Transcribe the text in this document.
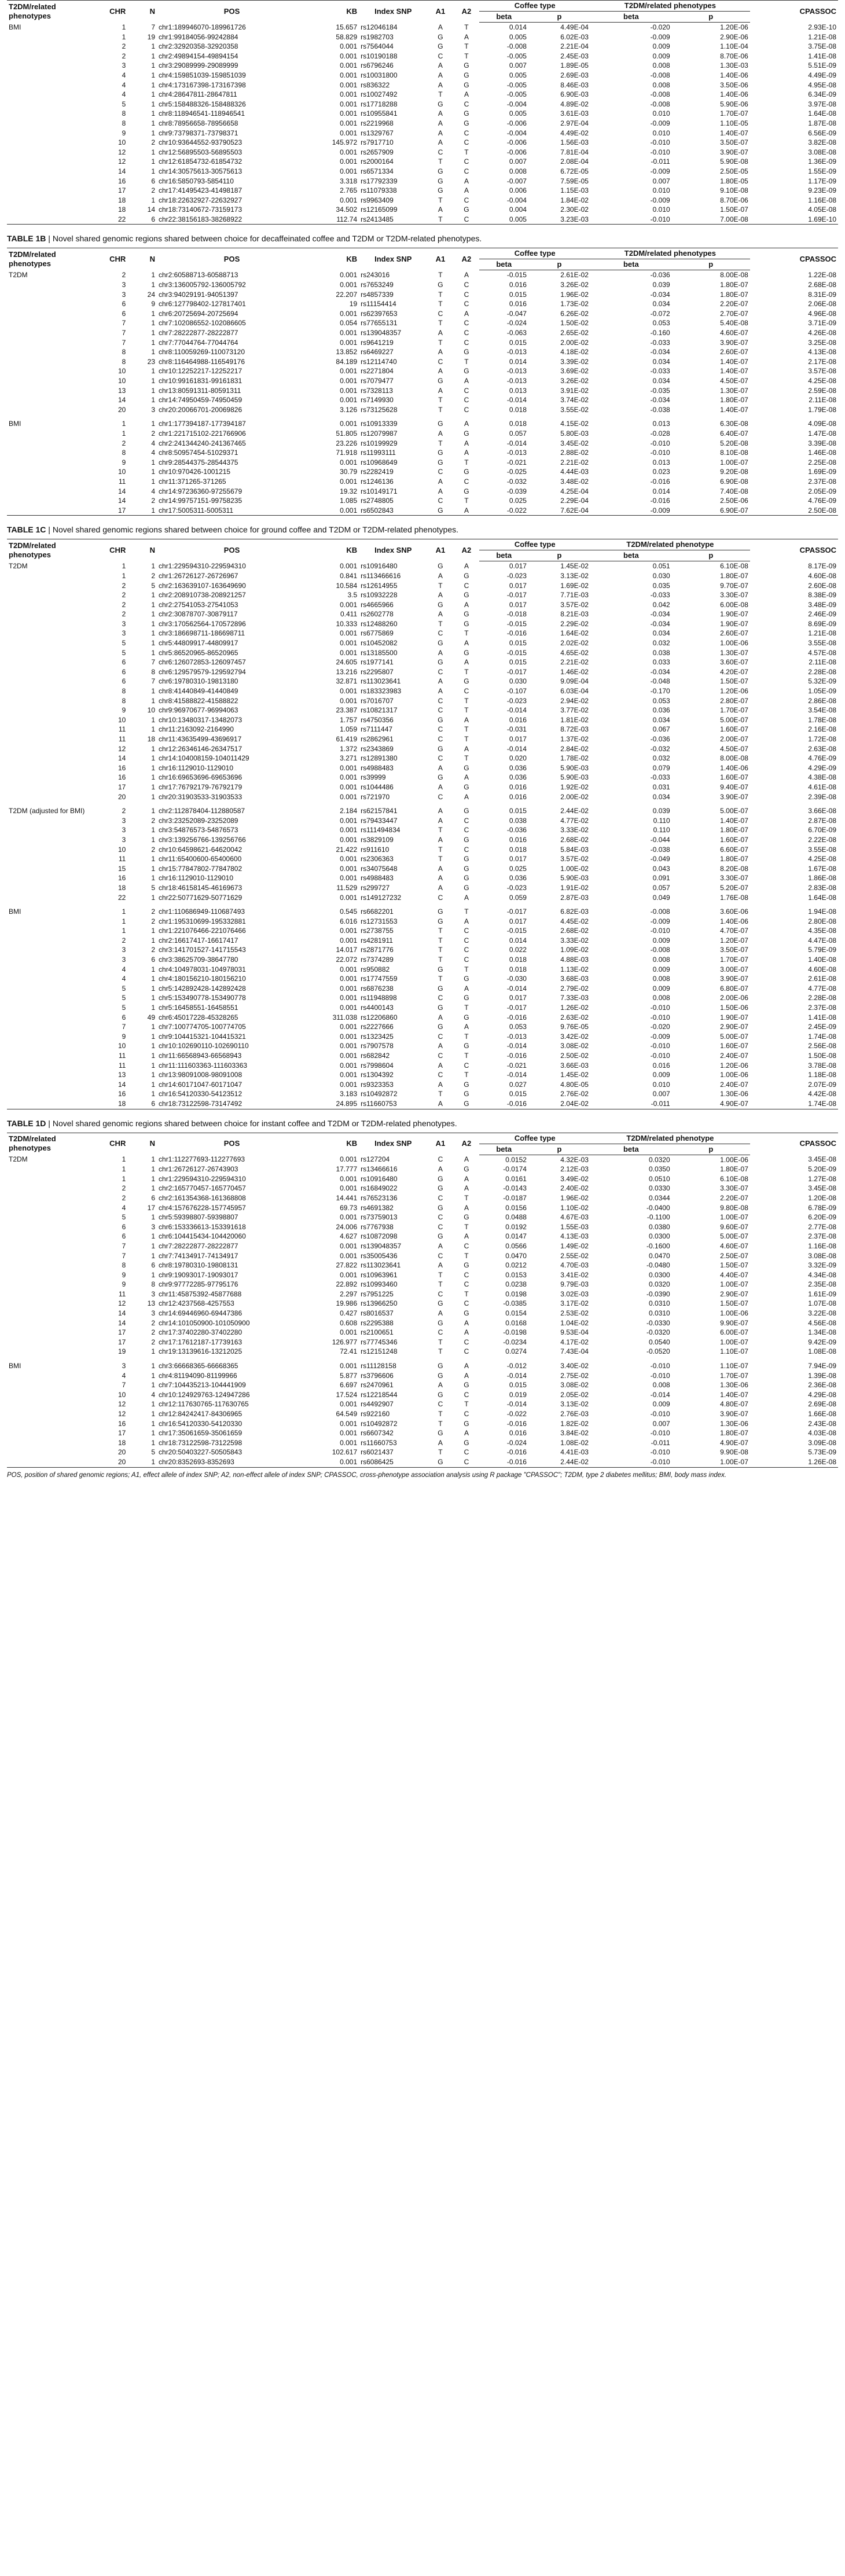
T2DM/related phenotypes	CHR	N	POS	KB	Index SNP	A1	A2	Coffee type		T2DM/related phenotypes		CPASSOC
								beta	p	beta	p	
BMI	1	7	chr1:189946070-189961726	15.657	rs12046184	A	T	0.014	4.49E-04	-0.020	1.20E-06	2.93E-10
	1	19	chr1:99184056-99242884	58.829	rs1982703	G	A	0.005	6.02E-03	-0.009	2.90E-06	1.21E-08
	2	1	chr2:32920358-32920358	0.001	rs7564044	G	T	-0.008	2.21E-04	0.009	1.10E-04	3.75E-08
	2	1	chr2:49894154-49894154	0.001	rs10190188	C	T	-0.005	2.45E-03	0.009	8.70E-06	1.41E-08
	3	1	chr3:29089999-29089999	0.001	rs6796246	A	G	0.007	1.89E-05	0.008	1.30E-03	5.51E-09
	4	1	chr4:159851039-159851039	0.001	rs10031800	A	G	0.005	2.69E-03	-0.008	1.40E-06	4.49E-09
	4	1	chr4:173167398-173167398	0.001	rs836322	A	G	-0.005	8.46E-03	0.008	3.50E-06	4.95E-08
	4	1	chr4:28647811-28647811	0.001	rs10027492	T	A	-0.005	6.90E-03	-0.008	1.40E-06	6.34E-09
	5	1	chr5:158488326-158488326	0.001	rs17718288	G	C	-0.004	4.89E-02	-0.008	5.90E-06	3.97E-08
	8	1	chr8:118946541-118946541	0.001	rs10955841	A	G	0.005	3.61E-03	0.010	1.70E-07	1.64E-08
	8	1	chr8:78956658-78956658	0.001	rs2219968	A	G	-0.006	2.97E-04	-0.009	1.10E-05	1.87E-08
	9	1	chr9:73798371-73798371	0.001	rs1329767	A	C	-0.004	4.49E-02	0.010	1.40E-07	6.56E-09
	10	2	chr10:93644552-93790523	145.972	rs7917710	A	C	-0.006	1.56E-03	-0.010	3.50E-07	3.82E-08
	12	1	chr12:56895503-56895503	0.001	rs2657909	C	T	-0.006	7.81E-04	-0.010	3.90E-07	3.08E-08
	12	1	chr12:61854732-61854732	0.001	rs2000164	T	C	0.007	2.08E-04	-0.011	5.90E-08	1.36E-09
	14	1	chr14:30575613-30575613	0.001	rs6571334	G	C	0.008	6.72E-05	-0.009	2.50E-05	1.55E-09
	16	6	chr16:5850793-5854110	3.318	rs17792339	G	A	-0.007	7.59E-05	0.007	1.80E-05	1.17E-09
	17	2	chr17:41495423-41498187	2.765	rs11079338	G	A	0.006	1.15E-03	0.010	9.10E-08	9.23E-09
	18	1	chr18:22632927-22632927	0.001	rs9963409	T	C	-0.004	1.84E-02	-0.009	8.70E-06	1.16E-08
	18	14	chr18:73140672-73159173	34.502	rs12165099	A	G	0.004	2.30E-02	0.010	1.50E-07	4.05E-08
	22	6	chr22:38156183-38268922	112.74	rs2413485	T	C	0.005	3.23E-03	-0.010	7.00E-08	1.69E-10
TABLE 1B | Novel shared genomic regions shared between choice for decaffeinated coffee and T2DM or T2DM-related phenotypes.
T2DM/related phenotypes	CHR	N	POS	KB	Index SNP	A1	A2	Coffee type		T2DM/related phenotypes		CPASSOC
								beta	p	beta	p	
T2DM	2	1	chr2:60588713-60588713	0.001	rs243016	T	A	-0.015	2.61E-02	-0.036	8.00E-08	1.22E-08
	3	1	chr3:136005792-136005792	0.001	rs7653249	G	C	0.016	3.26E-02	0.039	1.80E-07	2.68E-08
	3	24	chr3:94029191-94051397	22.207	rs4857339	T	C	0.015	1.96E-02	-0.034	1.80E-07	8.31E-09
	6	9	chr6:127798402-127817401	19	rs11154414	T	C	0.016	1.73E-02	0.034	2.20E-07	2.06E-08
	6	1	chr6:20725694-20725694	0.001	rs62397653	C	A	-0.047	6.26E-02	-0.072	2.70E-07	4.96E-08
	7	1	chr7:102086552-102086605	0.054	rs77655131	T	C	-0.024	1.50E-02	0.053	5.40E-08	3.71E-09
	7	1	chr7:28222877-28222877	0.001	rs139048357	A	C	-0.063	2.65E-02	-0.160	4.60E-07	4.26E-08
	7	1	chr7:77044764-77044764	0.001	rs9641219	T	C	0.015	2.00E-02	-0.033	3.90E-07	3.25E-08
	8	1	chr8:110059269-110073120	13.852	rs6469227	A	G	-0.013	4.18E-02	-0.034	2.60E-07	4.13E-08
	8	23	chr8:116464988-116549176	84.189	rs12114740	C	T	0.014	3.39E-02	0.034	1.40E-07	2.17E-08
	10	1	chr10:12252217-12252217	0.001	rs2271804	A	G	-0.013	3.69E-02	-0.033	1.40E-07	3.57E-08
	10	1	chr10:99161831-99161831	0.001	rs7079477	G	A	-0.013	3.26E-02	0.034	4.50E-07	4.25E-08
	13	1	chr13:80591311-80591311	0.001	rs7328113	A	C	0.013	3.91E-02	-0.035	1.30E-07	2.59E-08
	14	1	chr14:74950459-74950459	0.001	rs7149930	T	C	-0.014	3.74E-02	-0.034	1.80E-07	2.11E-08
	20	3	chr20:20066701-20069826	3.126	rs73125628	T	C	0.018	3.55E-02	-0.038	1.40E-07	1.79E-08
BMI	1	1	chr1:177394187-177394187	0.001	rs10913339	G	A	0.018	4.15E-02	0.013	6.30E-08	4.09E-08
	1	2	chr1:221715102-221766906	51.805	rs12079987	A	G	0.057	5.80E-03	-0.028	6.40E-07	1.47E-08
	2	4	chr2:241344240-241367465	23.226	rs10199929	T	A	-0.014	3.45E-02	-0.010	5.20E-08	3.39E-08
	8	4	chr8:50957454-51029371	71.918	rs11993111	G	A	-0.013	2.88E-02	-0.010	8.10E-08	1.46E-08
	9	1	chr9:28544375-28544375	0.001	rs10968649	G	T	-0.021	2.21E-02	0.013	1.00E-07	2.25E-08
	10	1	chr10:970426-1001215	30.79	rs2282419	C	G	-0.025	4.44E-03	0.023	9.20E-08	1.69E-09
	11	1	chr11:371265-371265	0.001	rs1246136	A	C	-0.032	3.48E-02	-0.016	6.90E-08	2.37E-08
	14	4	chr14:97236360-97255679	19.32	rs10149171	A	G	-0.039	4.25E-04	0.014	7.40E-08	2.05E-09
	14	2	chr14:99757151-99758235	1.085	rs2748805	C	T	0.025	2.29E-04	-0.016	2.50E-06	4.76E-09
	17	1	chr17:5005311-5005311	0.001	rs6502843	G	A	-0.022	7.62E-04	-0.009	6.90E-07	2.50E-08
TABLE 1C | Novel shared genomic regions shared between choice for ground coffee and T2DM or T2DM-related phenotypes.
T2DM/related phenotypes	CHR	N	POS	KB	Index SNP	A1	A2	Coffee type		T2DM/related phenotype		CPASSOC
								beta	p	beta	p	
T2DM	1	1	chr1:229594310-229594310	0.001	rs10916480	G	A	0.017	1.45E-02	0.051	6.10E-08	8.17E-09
	1	2	chr1:26726127-26726967	0.841	rs113466616	A	G	-0.023	3.13E-02	0.030	1.80E-07	4.60E-08
	2	5	chr2:163639107-163649690	10.584	rs12614955	T	C	0.017	1.69E-02	0.035	9.70E-07	2.60E-08
	2	1	chr2:208910738-208921257	3.5	rs10932228	A	G	-0.017	7.71E-03	-0.033	3.30E-07	8.38E-09
	2	1	chr2:27541053-27541053	0.001	rs4665966	G	A	0.017	3.57E-02	0.042	6.00E-08	3.48E-09
	2	1	chr2:30878707-30879117	0.411	rs2602778	A	G	-0.018	8.21E-03	-0.034	1.90E-07	2.46E-09
	3	1	chr3:170562564-170572896	10.333	rs12488260	T	G	-0.015	2.29E-02	-0.034	1.90E-07	8.69E-09
	3	1	chr3:186698711-186698711	0.001	rs6775869	C	T	-0.016	1.64E-02	0.034	2.60E-07	1.21E-08
	5	1	chr5:44809917-44809917	0.001	rs10452082	G	A	0.015	2.02E-02	0.032	1.00E-06	3.55E-08
	5	1	chr5:86520965-86520965	0.001	rs13185500	A	G	-0.015	4.65E-02	0.038	1.30E-07	4.57E-08
	6	7	chr6:126072853-126097457	24.605	rs1977141	G	A	0.015	2.21E-02	0.033	3.60E-07	2.11E-08
	6	8	chr6:129579579-129592794	13.216	rs2295807	C	T	-0.017	1.46E-02	-0.034	4.20E-07	2.28E-08
	6	7	chr6:19780310-19813180	32.871	rs113023641	A	G	0.030	9.09E-04	-0.048	1.50E-07	5.32E-09
	8	1	chr8:41440849-41440849	0.001	rs183323983	A	C	-0.107	6.03E-04	-0.170	1.20E-06	1.05E-09
	8	1	chr8:41588822-41588822	0.001	rs7016707	C	T	-0.023	2.94E-02	0.053	2.80E-07	2.86E-08
	9	10	chr9:96970677-96994063	23.387	rs10821317	C	T	-0.014	3.77E-02	0.036	1.70E-07	3.54E-08
	10	1	chr10:13480317-13482073	1.757	rs4750356	G	A	0.016	1.81E-02	0.034	5.00E-07	1.78E-08
	11	1	chr11:2163092-2164990	1.059	rs7111447	C	T	-0.031	8.72E-03	0.067	1.60E-07	2.16E-08
	11	18	chr11:43635499-43696917	61.419	rs2862961	C	T	0.017	1.37E-02	-0.036	2.00E-07	1.72E-08
	12	1	chr12:26346146-26347517	1.372	rs2343869	G	A	-0.014	2.84E-02	-0.032	4.50E-07	2.63E-08
	14	1	chr14:104008159-104011429	3.271	rs12891380	C	T	0.020	1.78E-02	0.032	8.00E-08	4.76E-09
	16	1	chr16:1129010-1129010	0.001	rs4988483	A	G	0.036	5.90E-03	0.079	1.40E-06	4.29E-09
	16	1	chr16:69653696-69653696	0.001	rs39999	G	A	0.036	5.90E-03	-0.033	1.60E-07	4.38E-08
	17	1	chr17:76792179-76792179	0.001	rs1044486	A	G	0.016	1.92E-02	0.031	9.40E-07	4.61E-08
	20	1	chr20:31903533-31903533	0.001	rs721970	C	A	0.016	2.00E-02	0.034	3.90E-07	2.39E-08
T2DM (adjusted for BMI)	2	1	chr2:112878404-112880587	2.184	rs62157841	A	G	0.015	2.44E-02	0.039	5.00E-07	3.66E-08
	3	2	chr3:23252089-23252089	0.001	rs79433447	A	C	0.038	4.77E-02	0.110	1.40E-07	2.87E-08
	3	1	chr3:54876573-54876573	0.001	rs111494834	T	C	-0.036	3.33E-02	0.110	1.80E-07	6.70E-09
	3	1	chr3:139256766-139256766	0.001	rs3829109	A	G	0.016	2.68E-02	-0.044	1.60E-07	2.22E-08
	10	2	chr10:64598621-64620042	21.422	rs911610	T	C	0.018	5.84E-03	-0.038	6.60E-07	3.55E-08
	11	1	chr11:65400600-65400600	0.001	rs2306363	T	G	0.017	3.57E-02	-0.049	1.80E-07	4.25E-08
	15	1	chr15:77847802-77847802	0.001	rs34075648	A	G	0.025	1.00E-02	0.043	8.20E-08	1.67E-08
	16	1	chr16:1129010-1129010	0.001	rs4988483	A	G	0.036	5.90E-03	0.091	3.30E-07	1.86E-08
	18	5	chr18:46158145-46169673	11.529	rs299727	A	G	-0.023	1.91E-02	0.057	5.20E-07	2.83E-08
	22	1	chr22:50771629-50771629	0.001	rs149127232	C	A	0.059	2.87E-03	0.049	1.76E-08	1.64E-08
BMI	1	2	chr1:110686949-110687493	0.545	rs6682201	G	T	-0.017	6.82E-03	-0.008	3.60E-06	1.94E-08
	1	2	chr1:195310699-195332881	6.016	rs12731553	G	A	0.017	4.45E-02	-0.009	1.40E-06	2.80E-08
	1	1	chr1:221076466-221076466	0.001	rs2738755	T	C	-0.015	2.68E-02	-0.010	4.70E-07	4.35E-08
	2	1	chr2:16617417-16617417	0.001	rs4281911	T	C	0.014	3.33E-02	0.009	1.20E-07	4.47E-08
	3	2	chr3:141701527-141715543	14.017	rs2871776	T	C	0.022	1.09E-02	-0.008	3.50E-07	5.79E-09
	3	6	chr3:38625709-38647780	22.072	rs7374289	T	C	0.018	4.88E-03	0.008	1.70E-07	1.40E-08
	4	1	chr4:104978031-104978031	0.001	rs950882	G	T	0.018	1.13E-02	0.009	3.00E-07	4.60E-08
	4	1	chr4:180156210-180156210	0.001	rs17747559	T	G	-0.030	3.68E-03	0.008	3.90E-07	2.61E-08
	5	1	chr5:142892428-142892428	0.001	rs6876238	G	A	-0.014	2.79E-02	0.009	6.80E-07	4.77E-08
	5	1	chr5:153490778-153490778	0.001	rs11948898	C	G	0.017	7.33E-03	0.008	2.00E-06	2.28E-08
	5	1	chr5:16458551-16458551	0.001	rs4400143	G	T	-0.017	1.26E-02	-0.010	1.50E-06	2.37E-08
	6	49	chr6:45017228-45328265	311.038	rs12206860	A	G	-0.016	2.63E-02	-0.010	1.90E-07	1.41E-08
	7	1	chr7:100774705-100774705	0.001	rs2227666	G	A	0.053	9.76E-05	-0.020	2.90E-07	2.45E-09
	9	1	chr9:104415321-104415321	0.001	rs1323425	C	T	-0.013	3.42E-02	-0.009	5.00E-07	1.74E-08
	10	1	chr10:102690110-102690110	0.001	rs7907578	A	G	-0.014	3.08E-02	-0.010	1.60E-07	2.56E-08
	11	1	chr11:66568943-66568943	0.001	rs682842	C	T	-0.016	2.50E-02	-0.010	2.40E-07	1.50E-08
	11	1	chr11:111603363-111603363	0.001	rs7998604	A	C	-0.021	3.66E-03	0.016	1.20E-06	3.78E-08
	13	1	chr13:98091008-98091008	0.001	rs1304392	C	T	-0.014	1.45E-02	0.009	1.00E-06	1.18E-08
	14	1	chr14:60171047-60171047	0.001	rs9323353	A	G	0.027	4.80E-05	0.010	2.40E-07	2.07E-09
	16	1	chr16:54120330-54123512	3.183	rs10492872	T	G	0.015	2.76E-02	0.007	1.30E-06	4.42E-08
	18	6	chr18:73122598-73147492	24.895	rs11660753	A	G	-0.016	2.04E-02	-0.011	4.90E-07	1.74E-08
TABLE 1D | Novel shared genomic regions shared between choice for instant coffee and T2DM or T2DM-related phenotypes.
T2DM/related phenotypes	CHR	N	POS	KB	Index SNP	A1	A2	Coffee type		T2DM/related phenotype		CPASSOC
								beta	p	beta	p	
T2DM	1	1	chr1:112277693-112277693	0.001	rs127204	C	A	0.0152	4.32E-03	0.0320	1.00E-06	3.45E-08
	1	1	chr1:26726127-26743903	17.777	rs13466616	A	G	-0.0174	2.12E-03	0.0350	1.80E-07	5.20E-09
	1	1	chr1:229594310-229594310	0.001	rs10916480	G	A	0.0161	3.49E-02	0.0510	6.10E-08	1.27E-08
	2	1	chr2:165770457-165770457	0.001	rs16849022	G	A	-0.0143	2.40E-02	0.0330	3.30E-07	3.45E-08
	2	6	chr2:161354368-161368808	14.441	rs76523136	C	T	-0.0187	1.96E-02	0.0344	2.20E-07	1.20E-08
	4	17	chr4:157676228-157745957	69.73	rs4691382	G	A	0.0156	1.10E-02	-0.0400	9.80E-08	6.78E-09
	5	1	chr5:59398807-59398807	0.001	rs73759013	C	G	0.0488	4.67E-03	-0.1100	1.00E-07	6.20E-09
	6	3	chr6:153336613-153391618	24.006	rs7767938	C	T	0.0192	1.55E-03	0.0380	9.60E-07	2.77E-08
	6	1	chr6:104415434-104420060	4.627	rs10872098	G	A	0.0147	4.13E-03	0.0300	5.00E-07	2.37E-08
	7	1	chr7:28222877-28222877	0.001	rs139048357	A	C	0.0566	1.49E-02	-0.1600	4.60E-07	1.16E-08
	7	1	chr7:74134917-74134917	0.001	rs35005436	C	T	0.0470	2.55E-02	0.0470	2.50E-07	3.08E-08
	8	6	chr8:19780310-19808131	27.822	rs113023641	A	G	0.0212	4.70E-03	-0.0480	1.50E-07	3.32E-09
	9	1	chr9:19093017-19093017	0.001	rs10963961	T	C	0.0153	3.41E-02	0.0300	4.40E-07	4.34E-08
	9	8	chr9:97772285-97795176	22.892	rs10993460	T	C	0.0238	9.79E-03	0.0320	1.00E-07	2.35E-08
	11	3	chr11:45875392-45877688	2.297	rs7951225	C	T	0.0198	3.02E-03	-0.0390	2.90E-07	1.61E-09
	12	13	chr12:4237568-4257553	19.986	rs13966250	G	C	-0.0385	3.17E-02	0.0310	1.50E-07	1.07E-08
	14	3	chr14:69446960-69447386	0.427	rs8016537	A	G	0.0154	2.53E-02	0.0310	1.00E-06	3.22E-08
	14	2	chr14:101050900-101050900	0.608	rs2295388	G	A	0.0168	1.04E-02	-0.0330	9.90E-07	4.56E-08
	17	2	chr17:37402280-37402280	0.001	rs2100651	C	A	-0.0198	9.53E-04	-0.0320	6.00E-07	1.34E-08
	17	2	chr17:17612187-17739163	126.977	rs77745346	T	C	-0.0234	4.17E-02	0.0540	1.00E-07	9.42E-09
	19	1	chr19:13139616-13212025	72.41	rs12151248	T	C	0.0274	7.43E-04	-0.0520	1.10E-07	1.08E-08
BMI	3	1	chr3:66668365-66668365	0.001	rs11128158	G	A	-0.012	3.40E-02	-0.010	1.10E-07	7.94E-09
	4	1	chr4:81194090-81199966	5.877	rs3796606	G	A	-0.014	2.75E-02	-0.010	1.70E-07	1.39E-08
	7	1	chr7:104435213-104441909	6.697	rs2470961	A	G	0.015	3.08E-02	0.008	1.30E-06	2.36E-08
	10	4	chr10:124929763-124947286	17.524	rs12218544	G	C	0.019	2.05E-02	-0.014	1.40E-07	4.29E-08
	12	1	chr12:117630765-117630765	0.001	rs4492907	C	T	-0.014	3.13E-02	0.009	4.80E-07	2.69E-08
	12	1	chr12:84242417-84306965	64.549	rs922160	T	C	-0.022	2.76E-03	-0.010	3.90E-07	1.66E-08
	16	1	chr16:54120330-54120330	0.001	rs10492872	T	G	-0.016	1.82E-02	0.007	1.30E-06	2.43E-08
	17	1	chr17:35061659-35061659	0.001	rs6607342	G	A	0.016	3.84E-02	-0.010	1.80E-07	4.03E-08
	18	1	chr18:73122598-73122598	0.001	rs11660753	A	G	-0.024	1.08E-02	-0.011	4.90E-07	3.09E-08
	20	5	chr20:50403227-50505843	102.617	rs6021437	T	C	-0.016	4.41E-03	-0.010	9.90E-08	5.73E-09
	20	1	chr20:8352693-8352693	0.001	rs6086425	G	C	-0.016	2.44E-02	-0.010	1.00E-07	1.26E-08
POS, position of shared genomic regions; A1, effect allele of index SNP; A2, non-effect allele of index SNP; CPASSOC, cross-phenotype association analysis using R package "CPASSOC"; T2DM, type 2 diabetes mellitus; BMI, body mass index.
